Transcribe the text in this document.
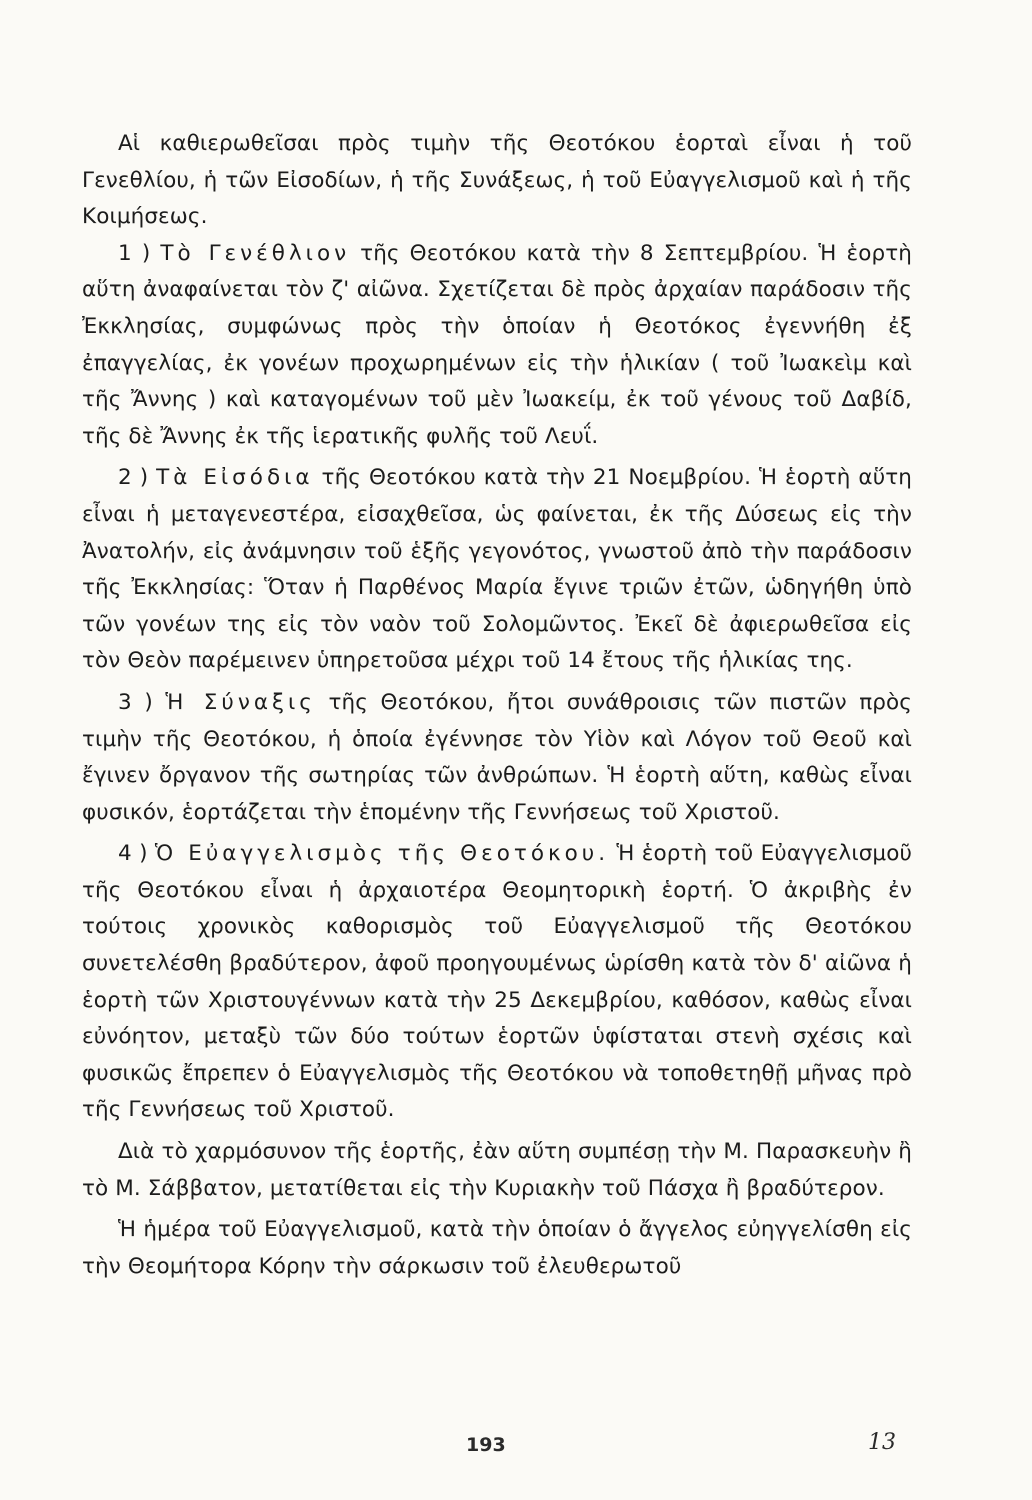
Αἱ καθιερωθεῖσαι πρὸς τιμὴν τῆς Θεοτόκου ἑορταὶ εἶναι ἡ τοῦ Γενεθλίου, ἡ τῶν Εἰσοδίων, ἡ τῆς Συνάξεως, ἡ τοῦ Εὐαγγελισμοῦ καὶ ἡ τῆς Κοιμήσεως.

1 ) Τὸ Γενέθλιον τῆς Θεοτόκου κατὰ τὴν 8 Σεπτεμβρίου. Ἡ ἑορτὴ αὕτη ἀναφαίνεται τὸν ζ' αἰῶνα. Σχετίζεται δὲ πρὸς ἀρχαίαν παράδοσιν τῆς Ἐκκλησίας, συμφώνως πρὸς τὴν ὁποίαν ἡ Θεοτόκος ἐγεννήθη ἐξ ἐπαγγελίας, ἐκ γονέων προχωρημένων εἰς τὴν ἡλικίαν ( τοῦ Ἰωακεὶμ καὶ τῆς Ἄννης ) καὶ καταγομένων τοῦ μὲν Ἰωακείμ, ἐκ τοῦ γένους τοῦ Δαβίδ, τῆς δὲ Ἄννης ἐκ τῆς ἱερατικῆς φυλῆς τοῦ Λευΐ.

2 ) Τὰ Εἰσόδια τῆς Θεοτόκου κατὰ τὴν 21 Νοεμβρίου. Ἡ ἑορτὴ αὕτη εἶναι ἡ μεταγενεστέρα, εἰσαχθεῖσα, ὡς φαίνεται, ἐκ τῆς Δύσεως εἰς τὴν Ἀνατολήν, εἰς ἀνάμνησιν τοῦ ἑξῆς γεγονότος, γνωστοῦ ἀπὸ τὴν παράδοσιν τῆς Ἐκκλησίας: Ὅταν ἡ Παρθένος Μαρία ἔγινε τριῶν ἐτῶν, ὡδηγήθη ὑπὸ τῶν γονέων της εἰς τὸν ναὸν τοῦ Σολομῶντος. Ἐκεῖ δὲ ἀφιερωθεῖσα εἰς τὸν Θεὸν παρέμεινεν ὑπηρετοῦσα μέχρι τοῦ 14 ἔτους τῆς ἡλικίας της.

3 ) Ἡ Σύναξις τῆς Θεοτόκου, ἤτοι συνάθροισις τῶν πιστῶν πρὸς τιμὴν τῆς Θεοτόκου, ἡ ὁποία ἐγέννησε τὸν Υἱὸν καὶ Λόγον τοῦ Θεοῦ καὶ ἔγινεν ὄργανον τῆς σωτηρίας τῶν ἀνθρώπων. Ἡ ἑορτὴ αὕτη, καθὼς εἶναι φυσικόν, ἑορτάζεται τὴν ἑπομένην τῆς Γεννήσεως τοῦ Χριστοῦ.

4 ) Ὁ Εὐαγγελισμὸς τῆς Θεοτόκου. Ἡ ἑορτὴ τοῦ Εὐαγγελισμοῦ τῆς Θεοτόκου εἶναι ἡ ἀρχαιοτέρα Θεομητορικὴ ἑορτή. Ὁ ἀκριβὴς ἐν τούτοις χρονικὸς καθορισμὸς τοῦ Εὐαγγελισμοῦ τῆς Θεοτόκου συνετελέσθη βραδύτερον, ἀφοῦ προηγουμένως ὡρίσθη κατὰ τὸν δ' αἰῶνα ἡ ἑορτὴ τῶν Χριστουγέννων κατὰ τὴν 25 Δεκεμβρίου, καθόσον, καθὼς εἶναι εὐνόητον, μεταξὺ τῶν δύο τούτων ἑορτῶν ὑφίσταται στενὴ σχέσις καὶ φυσικῶς ἔπρεπεν ὁ Εὐαγγελισμὸς τῆς Θεοτόκου νὰ τοποθετηθῇ μῆνας πρὸ τῆς Γεννήσεως τοῦ Χριστοῦ.

Διὰ τὸ χαρμόσυνον τῆς ἑορτῆς, ἐὰν αὕτη συμπέσῃ τὴν Μ. Παρασκευὴν ἢ τὸ Μ. Σάββατον, μετατίθεται εἰς τὴν Κυριακὴν τοῦ Πάσχα ἢ βραδύτερον.

Ἡ ἡμέρα τοῦ Εὐαγγελισμοῦ, κατὰ τὴν ὁποίαν ὁ ἄγγελος εὐηγγελίσθη εἰς τὴν Θεομήτορα Κόρην τὴν σάρκωσιν τοῦ ἐλευθερωτοῦ

193	13
